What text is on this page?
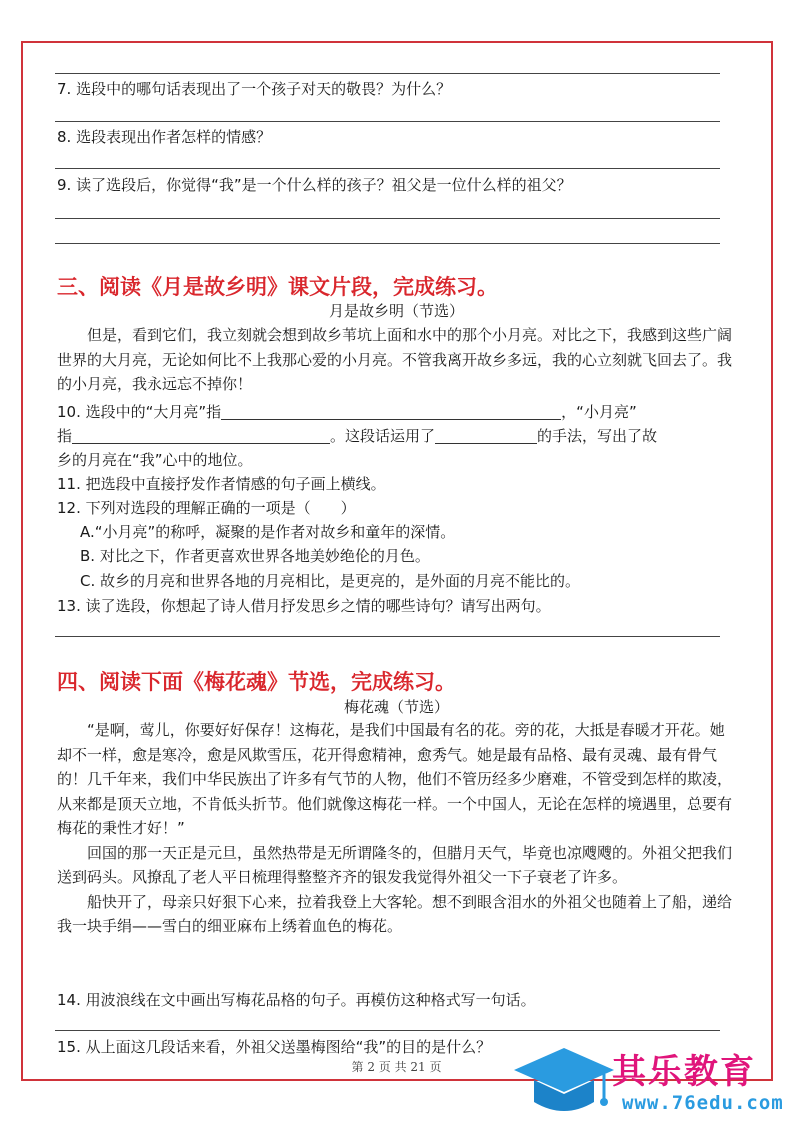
7. 选段中的哪句话表现出了一个孩子对天的敬畏？为什么？
8. 选段表现出作者怎样的情感？
9. 读了选段后，你觉得“我”是一个什么样的孩子？祖父是一位什么样的祖父？
三、阅读《月是故乡明》课文片段，完成练习。
月是故乡明（节选）

但是，看到它们，我立刻就会想到故乡苇坑上面和水中的那个小月亮。对比之下，我感到这些广阔世界的大月亮，无论如何比不上我那心爱的小月亮。不管我离开故乡多远，我的心立刻就飞回去了。我的小月亮，我永远忘不掉你！

10. 选段中的“大月亮”指	，“小月亮”
指	。这段话运用了	的手法，写出了故
乡的月亮在“我”心中的地位。
11. 把选段中直接抒发作者情感的句子画上横线。
12. 下列对选段的理解正确的一项是（　　）
A.“小月亮”的称呼，凝聚的是作者对故乡和童年的深情。
B. 对比之下，作者更喜欢世界各地美妙绝伦的月色。
C. 故乡的月亮和世界各地的月亮相比，是更亮的，是外面的月亮不能比的。
13. 读了选段，你想起了诗人借月抒发思乡之情的哪些诗句？请写出两句。
四、阅读下面《梅花魂》节选，完成练习。
梅花魂（节选）

“是啊，莺儿，你要好好保存！这梅花，是我们中国最有名的花。旁的花，大抵是春暖才开花。她却不一样，愈是寒冷，愈是风欺雪压，花开得愈精神，愈秀气。她是最有品格、最有灵魂、最有骨气的！几千年来，我们中华民族出了许多有气节的人物，他们不管历经多少磨难，不管受到怎样的欺凌，从来都是顶天立地，不肯低头折节。他们就像这梅花一样。一个中国人，无论在怎样的境遇里，总要有梅花的秉性才好！”

回国的那一天正是元旦，虽然热带是无所谓隆冬的，但腊月天气，毕竟也凉飕飕的。外祖父把我们送到码头。风撩乱了老人平日梳理得整整齐齐的银发我觉得外祖父一下子衰老了许多。

船快开了，母亲只好狠下心来，拉着我登上大客轮。想不到眼含泪水的外祖父也随着上了船，递给我一块手绢——雪白的细亚麻布上绣着血色的梅花。

14. 用波浪线在文中画出写梅花品格的句子。再模仿这种格式写一句话。
15. 从上面这几段话来看，外祖父送墨梅图给“我”的目的是什么？
第 2 页 共 21 页	其乐教育
www.76edu.com
